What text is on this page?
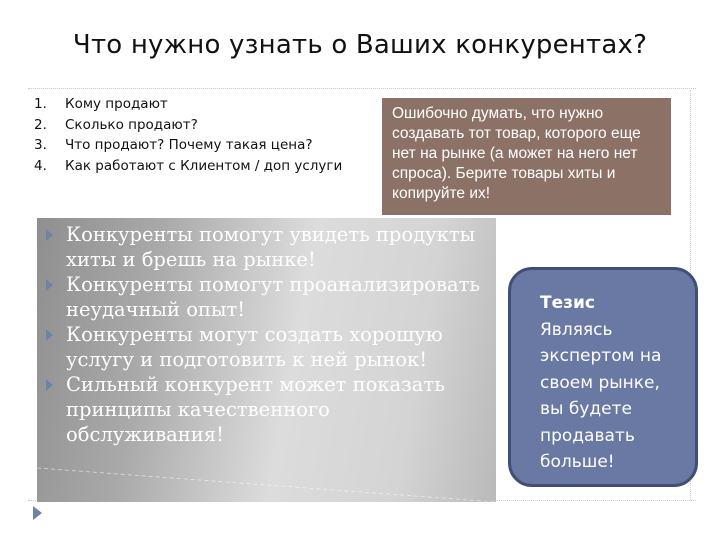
Что нужно узнать о Ваших конкурентах?
1.	Кому продают
2.	Сколько продают?
3.	Что продают? Почему такая цена?
4.	Как работают с Клиентом / доп услуги
Ошибочно думать, что нужно создавать тот товар, которого еще нет на рынке (а может на него нет спроса). Берите товары хиты и копируйте их!
Конкуренты помогут увидеть продукты хиты и брешь на рынке!
Конкуренты помогут проанализировать неудачный опыт!
Конкуренты могут создать хорошую услугу и подготовить к ней рынок!
Сильный конкурент может показать принципы качественного обслуживания!
Тезис
Являясь экспертом на своем рынке, вы будете продавать больше!
